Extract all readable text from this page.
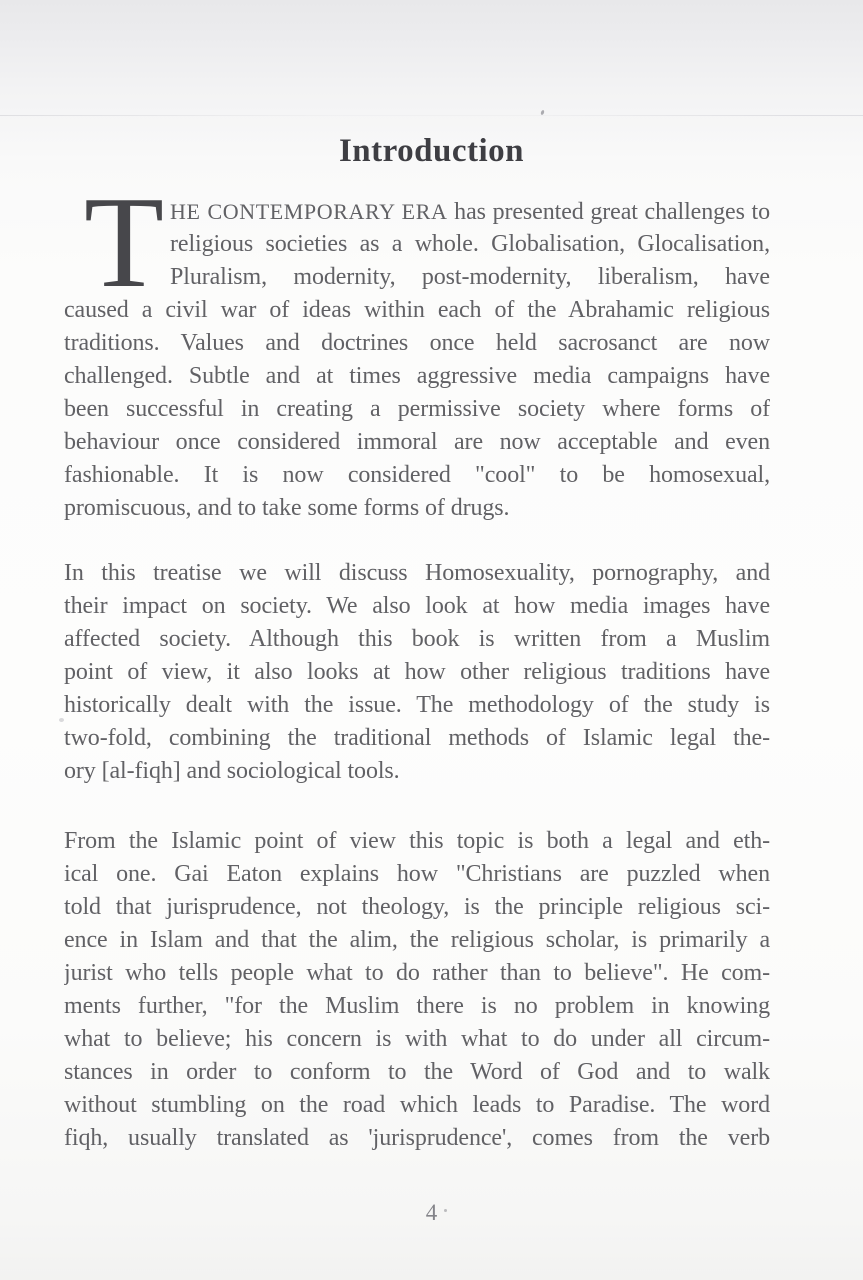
Introduction
T HE CONTEMPORARY ERA has presented great challenges to
religious societies as a whole. Globalisation, Glocalisation,
Pluralism, modernity, post-modernity, liberalism, have
caused a civil war of ideas within each of the Abrahamic religious
traditions. Values and doctrines once held sacrosanct are now
challenged. Subtle and at times aggressive media campaigns have
been successful in creating a permissive society where forms of
behaviour once considered immoral are now acceptable and even
fashionable. It is now considered "cool" to be homosexual,
promiscuous, and to take some forms of drugs.
In this treatise we will discuss Homosexuality, pornography, and
their impact on society. We also look at how media images have
affected society. Although this book is written from a Muslim
point of view, it also looks at how other religious traditions have
historically dealt with the issue. The methodology of the study is
two-fold, combining the traditional methods of Islamic legal the-
ory [al-fiqh] and sociological tools.
From the Islamic point of view this topic is both a legal and eth-
ical one. Gai Eaton explains how "Christians are puzzled when
told that jurisprudence, not theology, is the principle religious sci-
ence in Islam and that the alim, the religious scholar, is primarily a
jurist who tells people what to do rather than to believe". He com-
ments further, "for the Muslim there is no problem in knowing
what to believe; his concern is with what to do under all circum-
stances in order to conform to the Word of God and to walk
without stumbling on the road which leads to Paradise. The word
fiqh, usually translated as 'jurisprudence', comes from the verb
4
